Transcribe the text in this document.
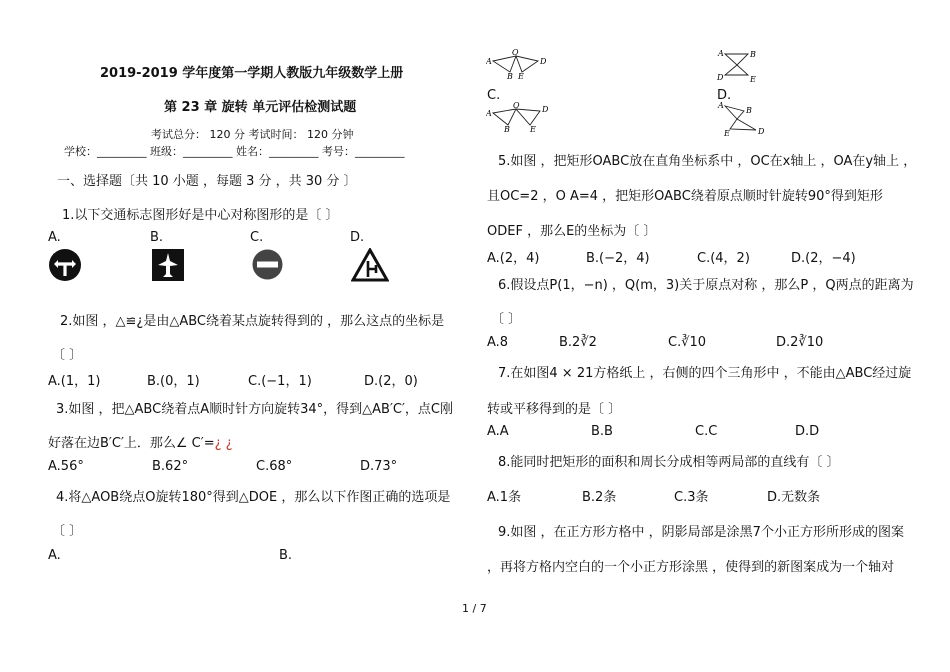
2019-2019 学年度第一学期人教版九年级数学上册
第 23 章 旋转 单元评估检测试题
考试总分： 120 分 考试时间： 120 分钟
学校：_________ 班级：_________ 姓名：_________ 考号：_________
一、选择题〔共 10 小题 ，每题 3 分 ，共 30 分 〕
1.以下交通标志图形好是中心对称图形的是〔 〕
A.	B.	C.	D.
2.如图 ，△≌¿是由△ABC绕着某点旋转得到的 ，那么这点的坐标是
〔 〕
A.(1，1)	B.(0，1)	C.(−1，1)	D.(2，0)
3.如图 ，把△ABC绕着点A顺时针方向旋转34°，得到△AB′C′，点C刚
好落在边B′C′上．那么∠ C′=¿ ¿
A.56°	B.62°	C.68°	D.73°
4.将△AOB绕点O旋转180°得到△DOE ，那么以下作图正确的选项是
〔 〕
A.	B.
A
O
B E
D
A	B
D	E
C.	D.
A
O	D
B	E
A
B
E	D
5.如图 ，把矩形OABC放在直角坐标系中 ，OC在x轴上 ，OA在y轴上 ，
且OC=2 ，O A=4 ，把矩形OABC绕着原点顺时针旋转90°得到矩形
ODEF ，那么E的坐标为〔 〕
A.(2，4)	B.(−2，4)	C.(4，2)	D.(2，−4)
6.假设点P(1，−n) ，Q(m，3)关于原点对称 ，那么P ，Q两点的距离为
〔 〕
A.8	B.2∛2	C.∛10	D.2∛10
7.在如图4 × 21方格纸上 ，右侧的四个三角形中 ，不能由△ABC经过旋
转或平移得到的是〔 〕
A.A	B.B	C.C	D.D
8.能同时把矩形的面积和周长分成相等两局部的直线有〔 〕
A.1条	B.2条	C.3条	D.无数条
9.如图 ，在正方形方格中 ，阴影局部是涂黑7个小正方形所形成的图案
，再将方格内空白的一个小正方形涂黑 ，使得到的新图案成为一个轴对
1 / 7
